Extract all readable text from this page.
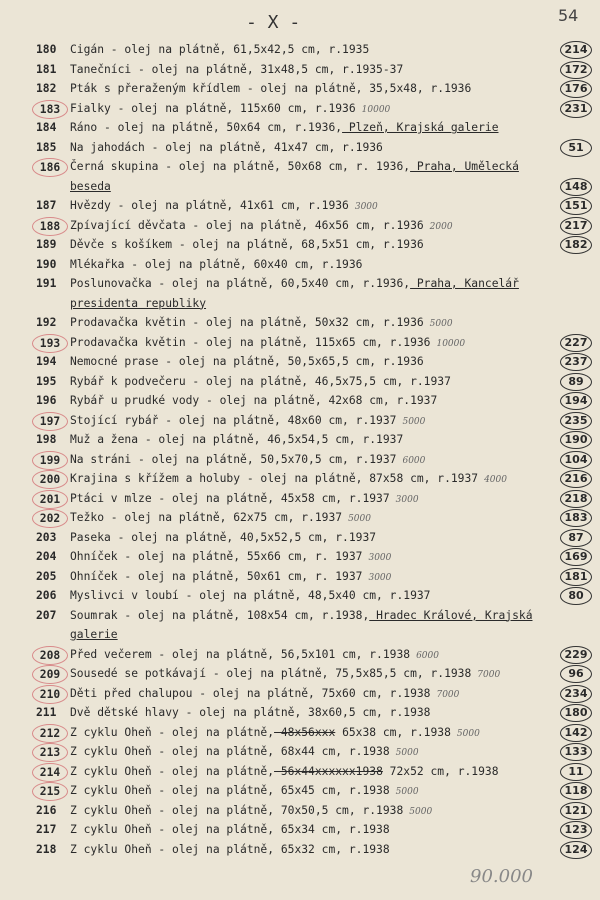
- X -	54
180	Cigán - olej na plátně, 61,5x42,5 cm, r.1935	214
181	Tanečníci - olej na plátně, 31x48,5 cm, r.1935-37	172
182	Pták s přeraženým křídlem - olej na plátně, 35,5x48, r.1936	176
183 Fialky - olej na plátně, 115x60 cm, r.1936 10000	231
184	Ráno - olej na plátně, 50x64 cm, r.1936, Plzeň, Krajská galerie
185	Na jahodách - olej na plátně, 41x47 cm, r.1936	51
186 Černá skupina - olej na plátně, 50x68 cm, r. 1936, Praha, Umělecká
beseda	148
187	Hvězdy - olej na plátně, 41x61 cm, r.1936 3000	151
188 Zpívající děvčata - olej na plátně, 46x56 cm, r.1936 2000	217
189	Děvče s košíkem - olej na plátně, 68,5x51 cm, r.1936	182
190	Mlékařka - olej na plátně, 60x40 cm, r.1936
191	Poslunovačka - olej na plátně, 60,5x40 cm, r.1936, Praha, Kancelář
presidenta republiky
192	Prodavačka květin - olej na plátně, 50x32 cm, r.1936 5000
193 Prodavačka květin - olej na plátně, 115x65 cm, r.1936 10000	227
194	Nemocné prase - olej na plátně, 50,5x65,5 cm, r.1936	237
195	Rybář k podvečeru - olej na plátně, 46,5x75,5 cm, r.1937	89
196	Rybář u prudké vody - olej na plátně, 42x68 cm, r.1937	194
197 Stojící rybář - olej na plátně, 48x60 cm, r.1937 5000	235
198	Muž a žena - olej na plátně, 46,5x54,5 cm, r.1937	190
199 Na stráni - olej na plátně, 50,5x70,5 cm, r.1937 6000	104
200 Krajina s křížem a holuby - olej na plátně, 87x58 cm, r.1937 4000	216
201 Ptáci v mlze - olej na plátně, 45x58 cm, r.1937 3000	218
202 Težko - olej na plátně, 62x75 cm, r.1937 5000	183
203	Paseka - olej na plátně, 40,5x52,5 cm, r.1937	87
204	Ohníček - olej na plátně, 55x66 cm, r. 1937 3000	169
205	Ohníček - olej na plátně, 50x61 cm, r. 1937 3000	181
206	Myslivci v loubí - olej na plátně, 48,5x40 cm, r.1937	80
207	Soumrak - olej na plátně, 108x54 cm, r.1938, Hradec Králové, Krajská
galerie
208 Před večerem - olej na plátně, 56,5x101 cm, r.1938 6000	229
209 Sousedé se potkávají - olej na plátně, 75,5x85,5 cm, r.1938 7000	96
210 Děti před chalupou - olej na plátně, 75x60 cm, r.1938 7000	234
211	Dvě dětské hlavy - olej na plátně, 38x60,5 cm, r.1938	180
212 Z cyklu Oheň - olej na plátně, 48x56xxx 65x38 cm, r.1938 5000	142
213 Z cyklu Oheň - olej na plátně, 68x44 cm, r.1938 5000	133
214 Z cyklu Oheň - olej na plátně, 56x44xxxxxx1938 72x52 cm, r.1938	11
215 Z cyklu Oheň - olej na plátně, 65x45 cm, r.1938 5000	118
216	Z cyklu Oheň - olej na plátně, 70x50,5 cm, r.1938 5000	121
217	Z cyklu Oheň - olej na plátně, 65x34 cm, r.1938	123
218	Z cyklu Oheň - olej na plátně, 65x32 cm, r.1938	124
90.000
